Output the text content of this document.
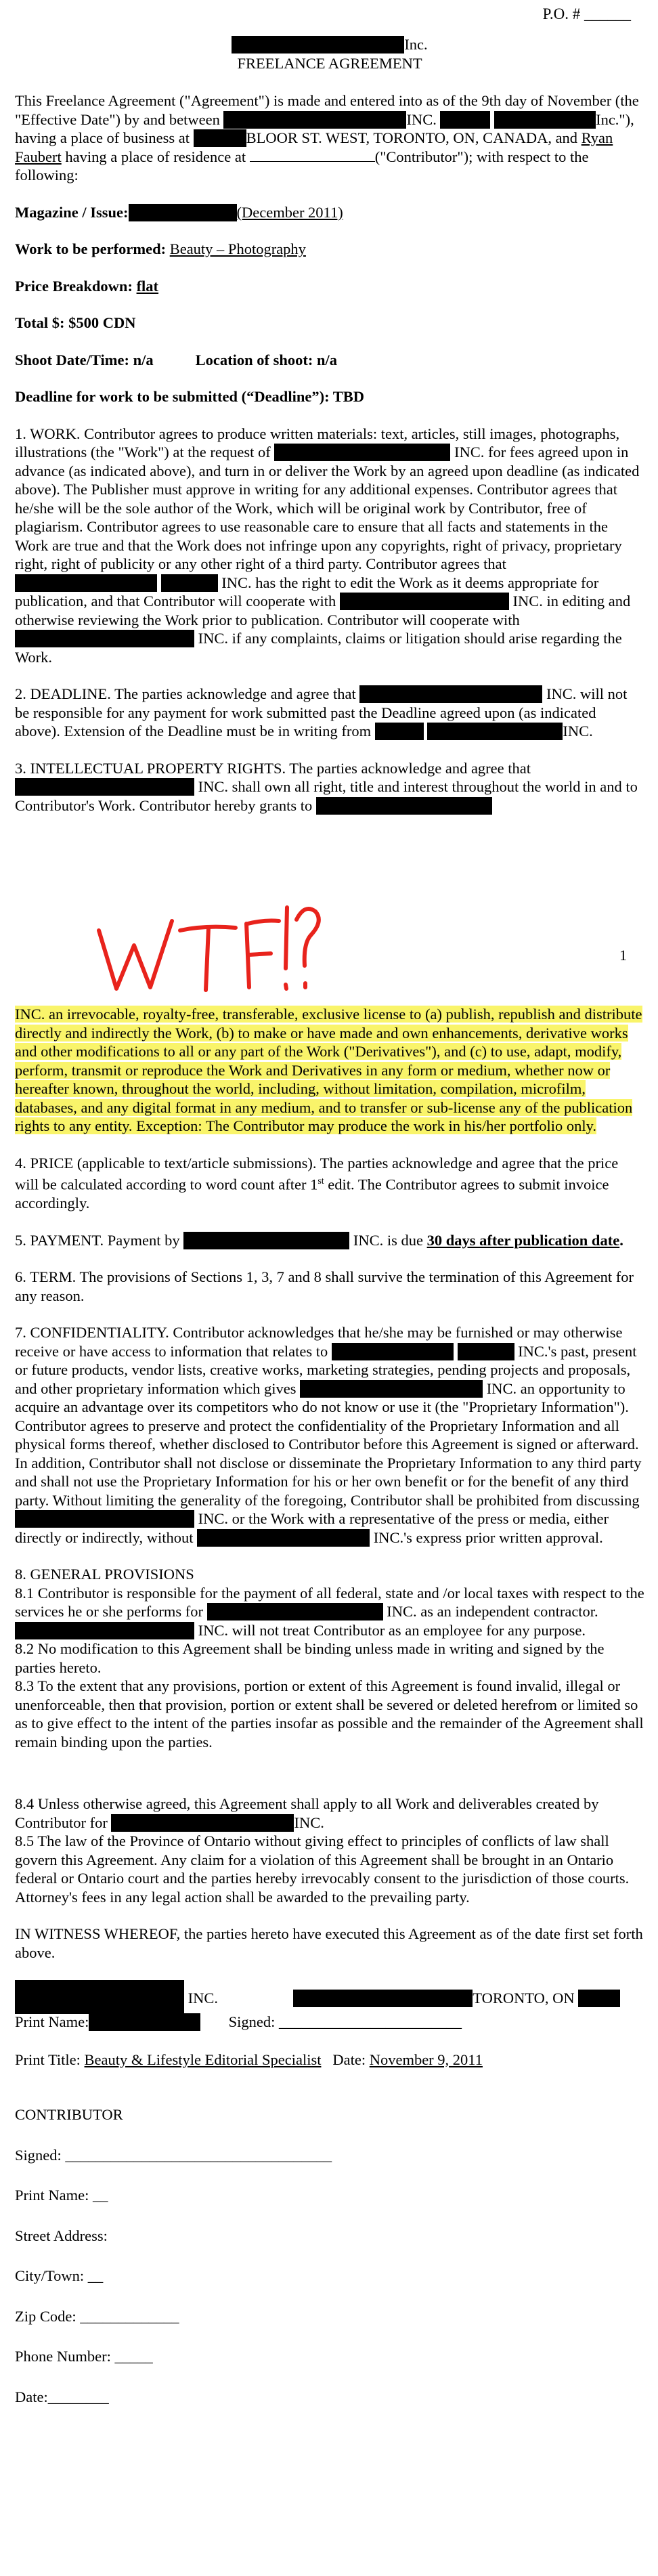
P.O. # ______
Inc.
FREELANCE AGREEMENT

This Freelance Agreement ("Agreement") is made and entered into as of the 9th day of November (the "Effective Date") by and between	INC.	Inc."), having a place of business at	BLOOR ST. WEST, TORONTO, ON, CANADA, and Ryan Faubert having a place of residence at	("Contributor"); with respect to the following:

Magazine / Issue:	(December 2011)

Work to be performed: Beauty – Photography

Price Breakdown: flat

Total $: $500 CDN

Shoot Date/Time: n/a	Location of shoot: n/a

Deadline for work to be submitted (“Deadline”): TBD

1. WORK. Contributor agrees to produce written materials: text, articles, still images, photographs, illustrations (the "Work") at the request of	INC. for fees agreed upon in advance (as indicated above), and turn in or deliver the Work by an agreed upon deadline (as indicated above). The Publisher must approve in writing for any additional expenses. Contributor agrees that he/she will be the sole author of the Work, which will be original work by Contributor, free of plagiarism. Contributor agrees to use reasonable care to ensure that all facts and statements in the Work are true and that the Work does not infringe upon any copyrights, right of privacy, proprietary right, right of publicity or any other right of a third party. Contributor agrees that   INC. has the right to edit the Work as it deems appropriate for publication, and that Contributor will cooperate with	INC. in editing and otherwise reviewing the Work prior to publication. Contributor will cooperate with  INC. if any complaints, claims or litigation should arise regarding the Work.

2. DEADLINE. The parties acknowledge and agree that	INC. will not be responsible for any payment for work submitted past the Deadline agreed upon (as indicated above). Extension of the Deadline must be in writing from	INC.

3. INTELLECTUAL PROPERTY RIGHTS. The parties acknowledge and agree that  INC. shall own all right, title and interest throughout the world in and to Contributor's Work. Contributor hereby grants to

WTF!?
1

INC. an irrevocable, royalty-free, transferable, exclusive license to (a) publish, republish and distribute directly and indirectly the Work, (b) to make or have made and own enhancements, derivative works and other modifications to all or any part of the Work ("Derivatives"), and (c) to use, adapt, modify, perform, transmit or reproduce the Work and Derivatives in any form or medium, whether now or hereafter known, throughout the world, including, without limitation, compilation, microfilm, databases, and any digital format in any medium, and to transfer or sub-license any of the publication rights to any entity. Exception: The Contributor may produce the work in his/her portfolio only.

4. PRICE (applicable to text/article submissions). The parties acknowledge and agree that the price will be calculated according to word count after 1st edit. The Contributor agrees to submit invoice accordingly.

5. PAYMENT. Payment by	INC. is due 30 days after publication date.

6. TERM. The provisions of Sections 1, 3, 7 and 8 shall survive the termination of this Agreement for any reason.

7. CONFIDENTIALITY. Contributor acknowledges that he/she may be furnished or may otherwise receive or have access to information that relates to	INC.'s past, present or future products, vendor lists, creative works, marketing strategies, pending projects and proposals, and other proprietary information which gives	INC. an opportunity to acquire an advantage over its competitors who do not know or use it (the "Proprietary Information"). Contributor agrees to preserve and protect the confidentiality of the Proprietary Information and all physical forms thereof, whether disclosed to Contributor before this Agreement is signed or afterward. In addition, Contributor shall not disclose or disseminate the Proprietary Information to any third party and shall not use the Proprietary Information for his or her own benefit or for the benefit of any third party. Without limiting the generality of the foregoing, Contributor shall be prohibited from discussing  INC. or the Work with a representative of the press or media, either directly or indirectly, without	INC.'s express prior written approval.

8. GENERAL PROVISIONS
8.1 Contributor is responsible for the payment of all federal, state and /or local taxes with respect to the services he or she performs for	INC. as an independent contractor.  INC. will not treat Contributor as an employee for any purpose.
8.2 No modification to this Agreement shall be binding unless made in writing and signed by the parties hereto.
8.3 To the extent that any provisions, portion or extent of this Agreement is found invalid, illegal or unenforceable, then that provision, portion or extent shall be severed or deleted herefrom or limited so as to give effect to the intent of the parties insofar as possible and the remainder of the Agreement shall remain binding upon the parties.
8.4 Unless otherwise agreed, this Agreement shall apply to all Work and deliverables created by Contributor for	INC.
8.5 The law of the Province of Ontario without giving effect to principles of conflicts of law shall govern this Agreement. Any claim for a violation of this Agreement shall be brought in an Ontario federal or Ontario court and the parties hereby irrevocably consent to the jurisdiction of those courts. Attorney's fees in any legal action shall be awarded to the prevailing party.

IN WITNESS WHEREOF, the parties hereto have executed this Agreement as of the date first set forth above.

INC.	TORONTO, ON
Print Name:	Signed: ________________________
Print Title: Beauty & Lifestyle Editorial Specialist Date: November 9, 2011
CONTRIBUTOR
Signed: ___________________________________
Print Name: __
Street Address:
City/Town: __
Zip Code: _____________
Phone Number: _____
Date:________
